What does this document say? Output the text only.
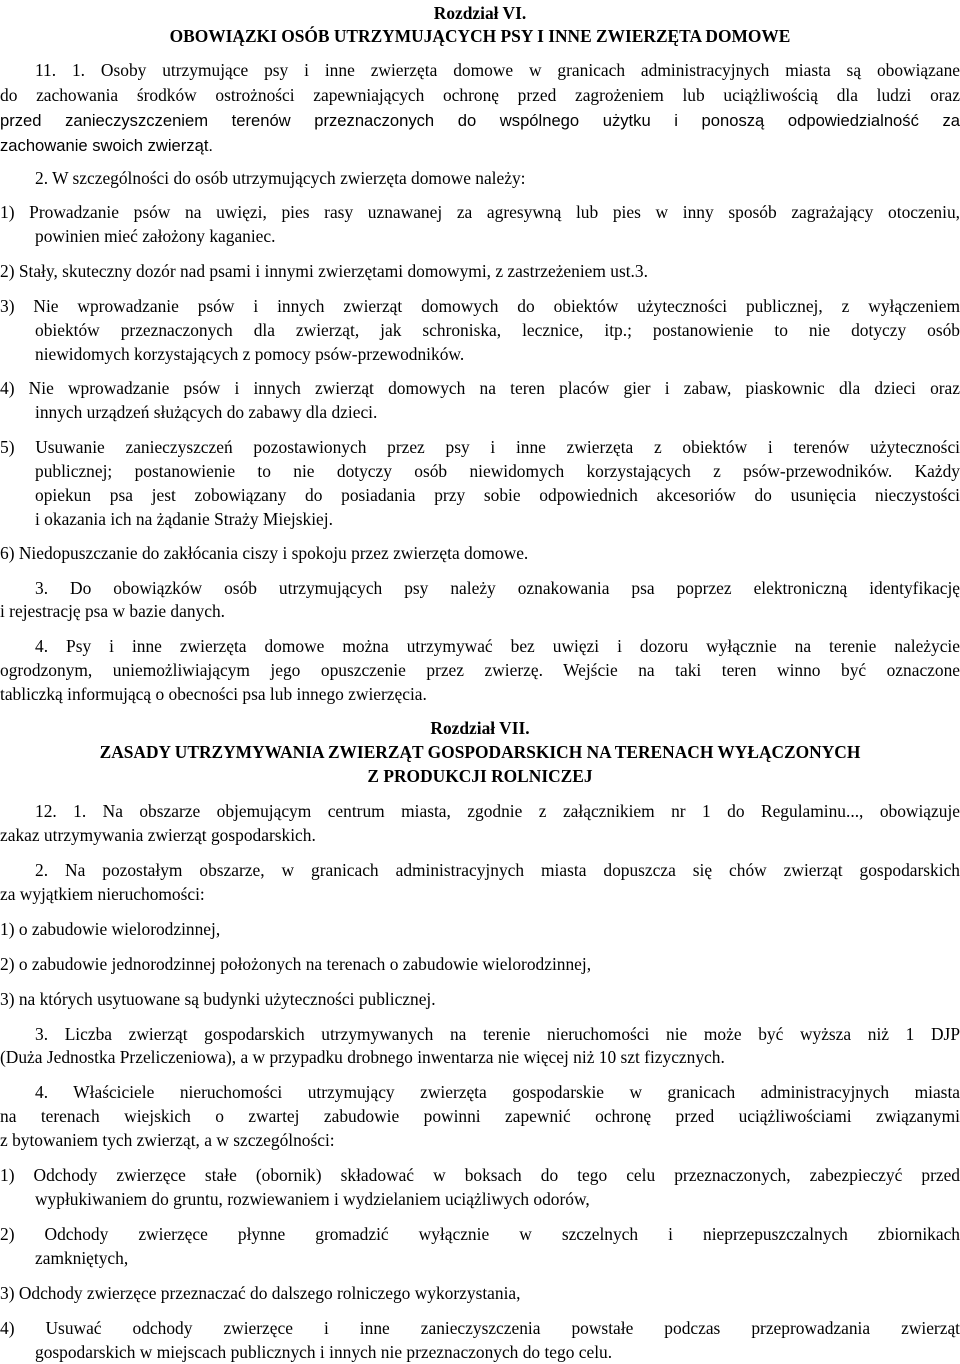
Rozdział VI.
OBOWIĄZKI OSÓB UTRZYMUJĄCYCH PSY I INNE ZWIERZĘTA DOMOWE
11. 1. Osoby utrzymujące psy i inne zwierzęta domowe w granicach administracyjnych miasta są obowiązane
do zachowania środków ostrożności zapewniających ochronę przed zagrożeniem lub uciążliwością dla ludzi oraz
przed zanieczyszczeniem terenów przeznaczonych do wspólnego użytku i ponoszą odpowiedzialność za
zachowanie swoich zwierząt.
2. W szczególności do osób utrzymujących zwierzęta domowe należy:
1) Prowadzanie psów na uwięzi, pies rasy uznawanej za agresywną lub pies w inny sposób zagrażający otoczeniu,
powinien mieć założony kaganiec.
2) Stały, skuteczny dozór nad psami i innymi zwierzętami domowymi, z zastrzeżeniem ust.3.
3) Nie wprowadzanie psów i innych zwierząt domowych do obiektów użyteczności publicznej, z wyłączeniem
obiektów przeznaczonych dla zwierząt, jak schroniska, lecznice, itp.; postanowienie to nie dotyczy osób
niewidomych korzystających z pomocy psów-przewodników.
4) Nie wprowadzanie psów i innych zwierząt domowych na teren placów gier i zabaw, piaskownic dla dzieci oraz
innych urządzeń służących do zabawy dla dzieci.
5) Usuwanie zanieczyszczeń pozostawionych przez psy i inne zwierzęta z obiektów i terenów użyteczności
publicznej; postanowienie to nie dotyczy osób niewidomych korzystających z psów-przewodników. Każdy
opiekun psa jest zobowiązany do posiadania przy sobie odpowiednich akcesoriów do usunięcia nieczystości
i okazania ich na żądanie Straży Miejskiej.
6) Niedopuszczanie do zakłócania ciszy i spokoju przez zwierzęta domowe.
3. Do obowiązków osób utrzymujących psy należy oznakowania psa poprzez elektroniczną identyfikację
i rejestrację psa w bazie danych.
4. Psy i inne zwierzęta domowe można utrzymywać bez uwięzi i dozoru wyłącznie na terenie należycie
ogrodzonym, uniemożliwiającym jego opuszczenie przez zwierzę. Wejście na taki teren winno być oznaczone
tabliczką informującą o obecności psa lub innego zwierzęcia.
Rozdział VII.
ZASADY UTRZYMYWANIA ZWIERZĄT GOSPODARSKICH NA TERENACH WYŁĄCZONYCH
Z PRODUKCJI ROLNICZEJ
12. 1. Na obszarze objemującym centrum miasta, zgodnie z załącznikiem nr 1 do Regulaminu..., obowiązuje
zakaz utrzymywania zwierząt gospodarskich.
2. Na pozostałym obszarze, w granicach administracyjnych miasta dopuszcza się chów zwierząt gospodarskich
za wyjątkiem nieruchomości:
1) o zabudowie wielorodzinnej,
2) o zabudowie jednorodzinnej położonych na terenach o zabudowie wielorodzinnej,
3) na których usytuowane są budynki użyteczności publicznej.
3. Liczba zwierząt gospodarskich utrzymywanych na terenie nieruchomości nie może być wyższa niż 1 DJP
(Duża Jednostka Przeliczeniowa), a w przypadku drobnego inwentarza nie więcej niż 10 szt fizycznych.
4. Właściciele nieruchomości utrzymujący zwierzęta gospodarskie w granicach administracyjnych miasta
na terenach wiejskich o zwartej zabudowie powinni zapewnić ochronę przed uciążliwościami związanymi
z bytowaniem tych zwierząt, a w szczególności:
1) Odchody zwierzęce stałe (obornik) składować w boksach do tego celu przeznaczonych, zabezpieczyć przed
wypłukiwaniem do gruntu, rozwiewaniem i wydzielaniem uciążliwych odorów,
2) Odchody zwierzęce płynne gromadzić wyłącznie w szczelnych i nieprzepuszczalnych zbiornikach
zamkniętych,
3) Odchody zwierzęce przeznaczać do dalszego rolniczego wykorzystania,
4) Usuwać odchody zwierzęce i inne zanieczyszczenia powstałe podczas przeprowadzania zwierząt
gospodarskich w miejscach publicznych i innych nie przeznaczonych do tego celu.
